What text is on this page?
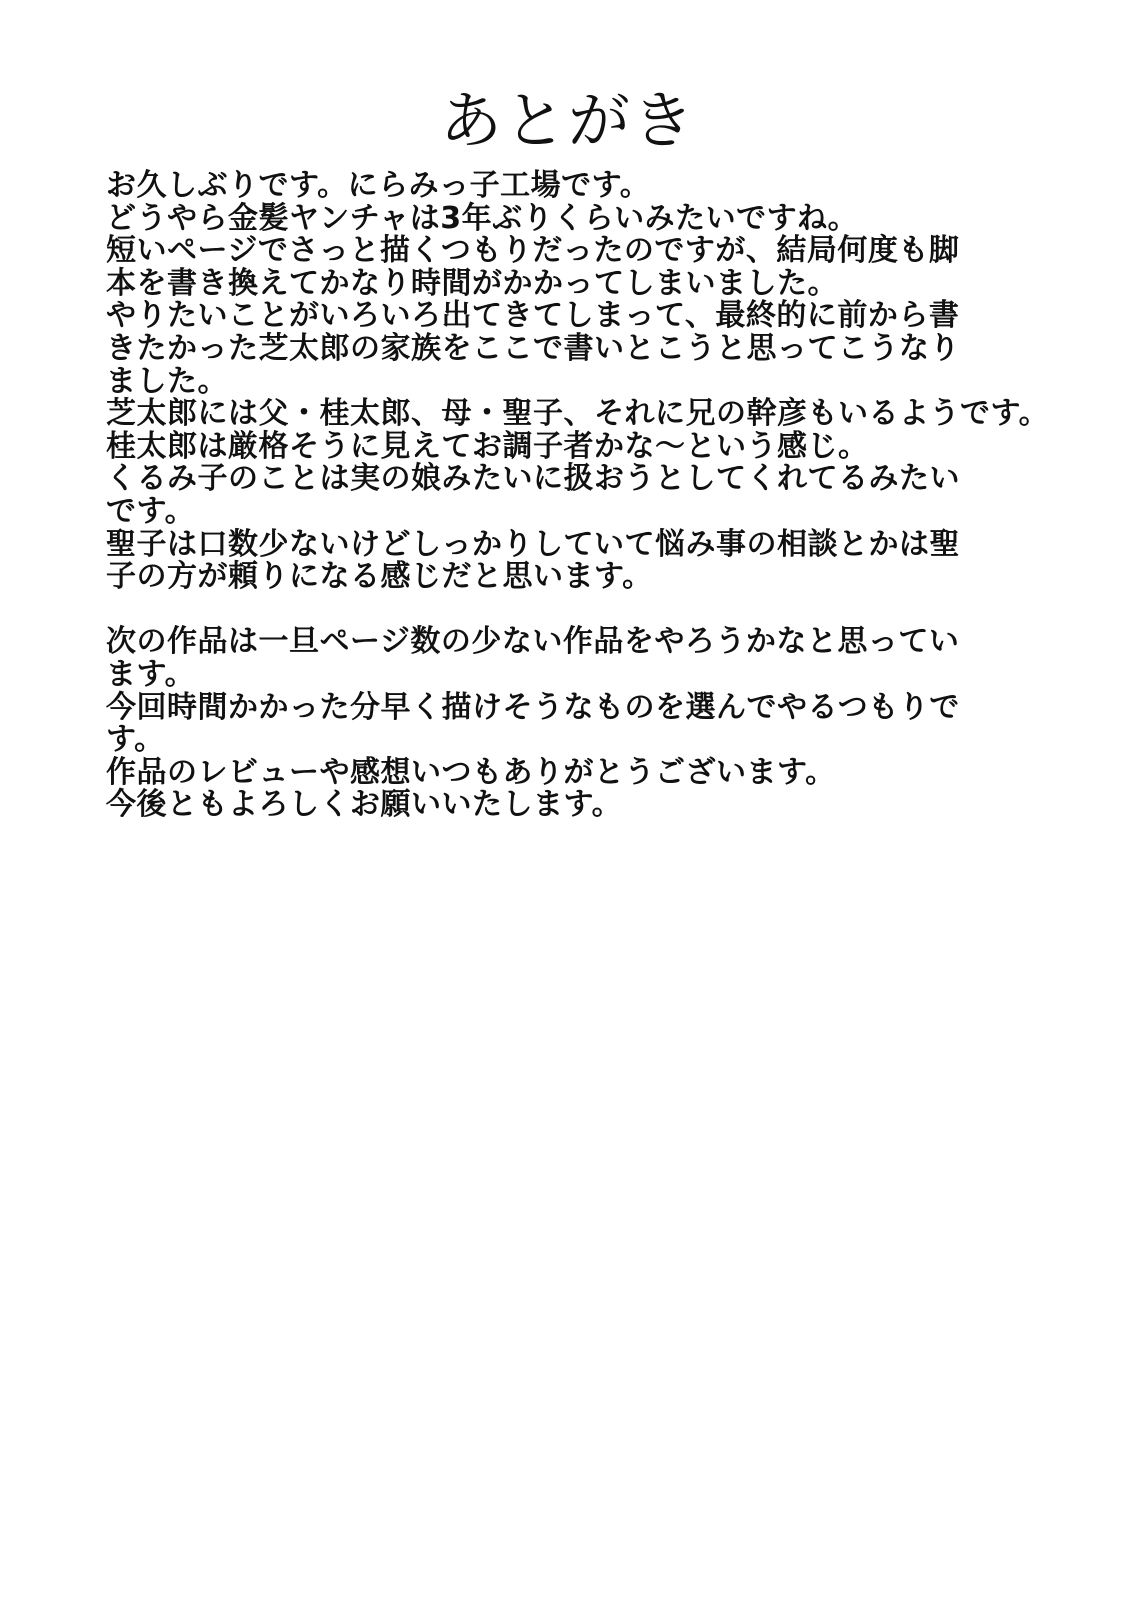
あとがき
お久しぶりです。にらみっ子工場です。
どうやら金髪ヤンチャは3年ぶりくらいみたいですね。
短いページでさっと描くつもりだったのですが、結局何度も脚
本を書き換えてかなり時間がかかってしまいました。
やりたいことがいろいろ出てきてしまって、最終的に前から書
きたかった芝太郎の家族をここで書いとこうと思ってこうなり
ました。
芝太郎には父・桂太郎、母・聖子、それに兄の幹彦もいるようです。
桂太郎は厳格そうに見えてお調子者かな～という感じ。
くるみ子のことは実の娘みたいに扱おうとしてくれてるみたい
です。
聖子は口数少ないけどしっかりしていて悩み事の相談とかは聖
子の方が頼りになる感じだと思います。
次の作品は一旦ページ数の少ない作品をやろうかなと思ってい
ます。
今回時間かかった分早く描けそうなものを選んでやるつもりで
す。
作品のレビューや感想いつもありがとうございます。
今後ともよろしくお願いいたします。
